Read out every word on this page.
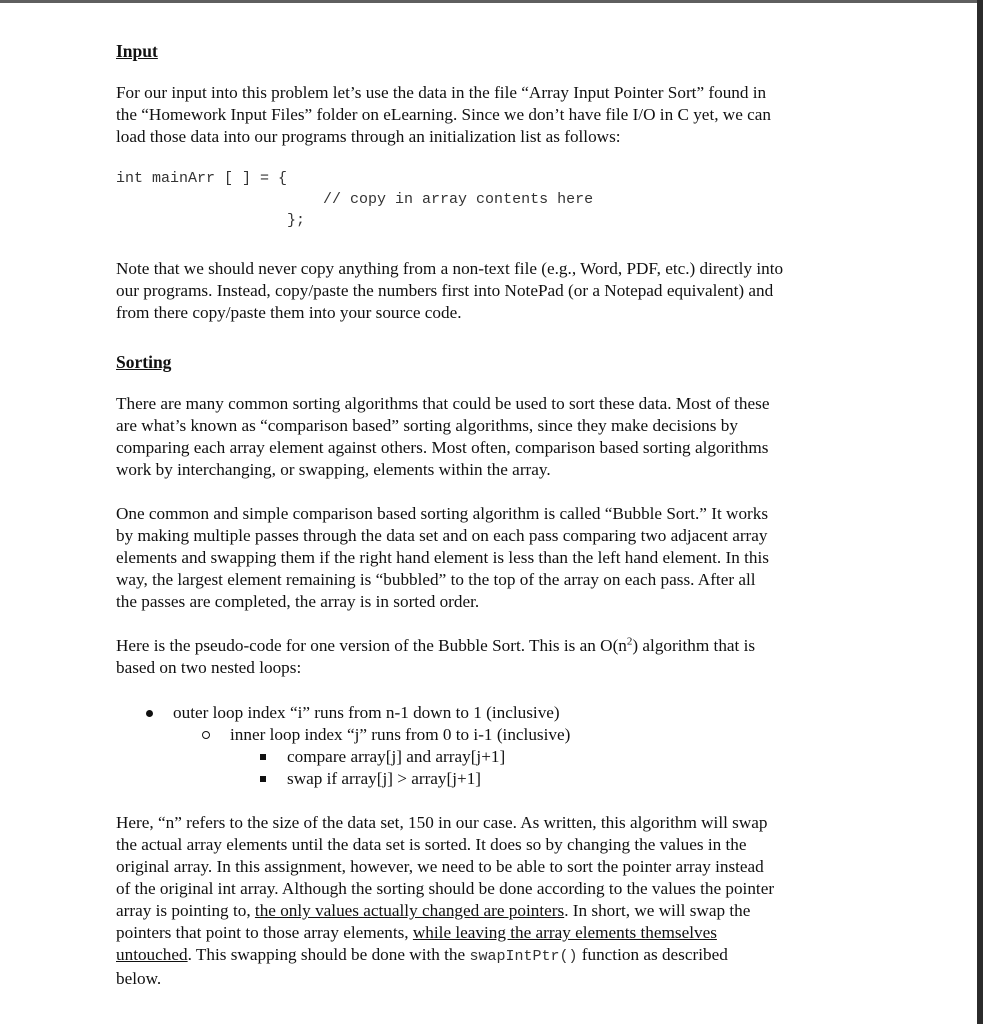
Input

For our input into this problem let’s use the data in the file “Array Input Pointer Sort” found in
the “Homework Input Files” folder on eLearning. Since we don’t have file I/O in C yet, we can
load those data into our programs through an initialization list as follows:

int mainArr [ ] = {
// copy in array contents here
};

Note that we should never copy anything from a non-text file (e.g., Word, PDF, etc.) directly into
our programs. Instead, copy/paste the numbers first into NotePad (or a Notepad equivalent) and
from there copy/paste them into your source code.

Sorting

There are many common sorting algorithms that could be used to sort these data. Most of these
are what’s known as “comparison based” sorting algorithms, since they make decisions by
comparing each array element against others. Most often, comparison based sorting algorithms
work by interchanging, or swapping, elements within the array.

One common and simple comparison based sorting algorithm is called “Bubble Sort.” It works
by making multiple passes through the data set and on each pass comparing two adjacent array
elements and swapping them if the right hand element is less than the left hand element. In this
way, the largest element remaining is “bubbled” to the top of the array on each pass. After all
the passes are completed, the array is in sorted order.

Here is the pseudo-code for one version of the Bubble Sort. This is an $O(n^2)$ algorithm that is
based on two nested loops:

outer loop index “i” runs from n-1 down to 1 (inclusive)
inner loop index “j” runs from 0 to i-1 (inclusive)
compare array[j] and array[j+1]
swap if array[j] > array[j+1]

Here, “n” refers to the size of the data set, 150 in our case. As written, this algorithm will swap
the actual array elements until the data set is sorted. It does so by changing the values in the
original array. In this assignment, however, we need to be able to sort the pointer array instead
of the original int array. Although the sorting should be done according to the values the pointer
array is pointing to, the only values actually changed are pointers. In short, we will swap the
pointers that point to those array elements, while leaving the array elements themselves
untouched. This swapping should be done with the swapIntPtr() function as described
below.
